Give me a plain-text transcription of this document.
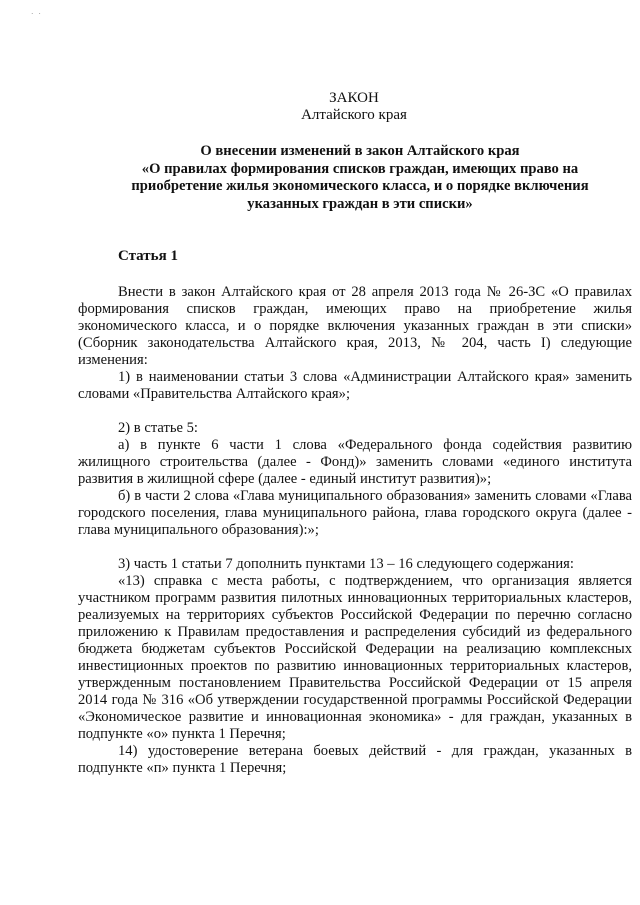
˙ ˙
ЗАКОН
Алтайского края
О внесении изменений в закон Алтайского края
«О правилах формирования списков граждан, имеющих право на
приобретение жилья экономического класса, и о порядке включения
указанных граждан в эти списки»
Статья 1

Внести в закон Алтайского края от 28 апреля 2013 года № 26-ЗС «О правилах формирования списков граждан, имеющих право на приобретение жилья экономического класса, и о порядке включения указанных граждан в эти списки» (Сборник законодательства Алтайского края, 2013, № 204, часть I) следующие изменения:

1) в наименовании статьи 3 слова «Администрации Алтайского края» заменить словами «Правительства Алтайского края»;

2) в статье 5:

а) в пункте 6 части 1 слова «Федерального фонда содействия развитию жилищного строительства (далее - Фонд)» заменить словами «единого института развития в жилищной сфере (далее - единый институт развития)»;

б) в части 2 слова «Глава муниципального образования» заменить словами «Глава городского поселения, глава муниципального района, глава городского округа (далее - глава муниципального образования):»;

3) часть 1 статьи 7 дополнить пунктами 13 – 16 следующего содержания:

«13) справка с места работы, с подтверждением, что организация является участником программ развития пилотных инновационных территориальных кластеров, реализуемых на территориях субъектов Российской Федерации по перечню согласно приложению к Правилам предоставления и распределения субсидий из федерального бюджета бюджетам субъектов Российской Федерации на реализацию комплексных инвестиционных проектов по развитию инновационных территориальных кластеров, утвержденным постановлением Правительства Российской Федерации от 15 апреля 2014 года № 316 «Об утверждении государственной программы Российской Федерации «Экономическое развитие и инновационная экономика» - для граждан, указанных в подпункте «о» пункта 1 Перечня;

14) удостоверение ветерана боевых действий - для граждан, указанных в подпункте «п» пункта 1 Перечня;
